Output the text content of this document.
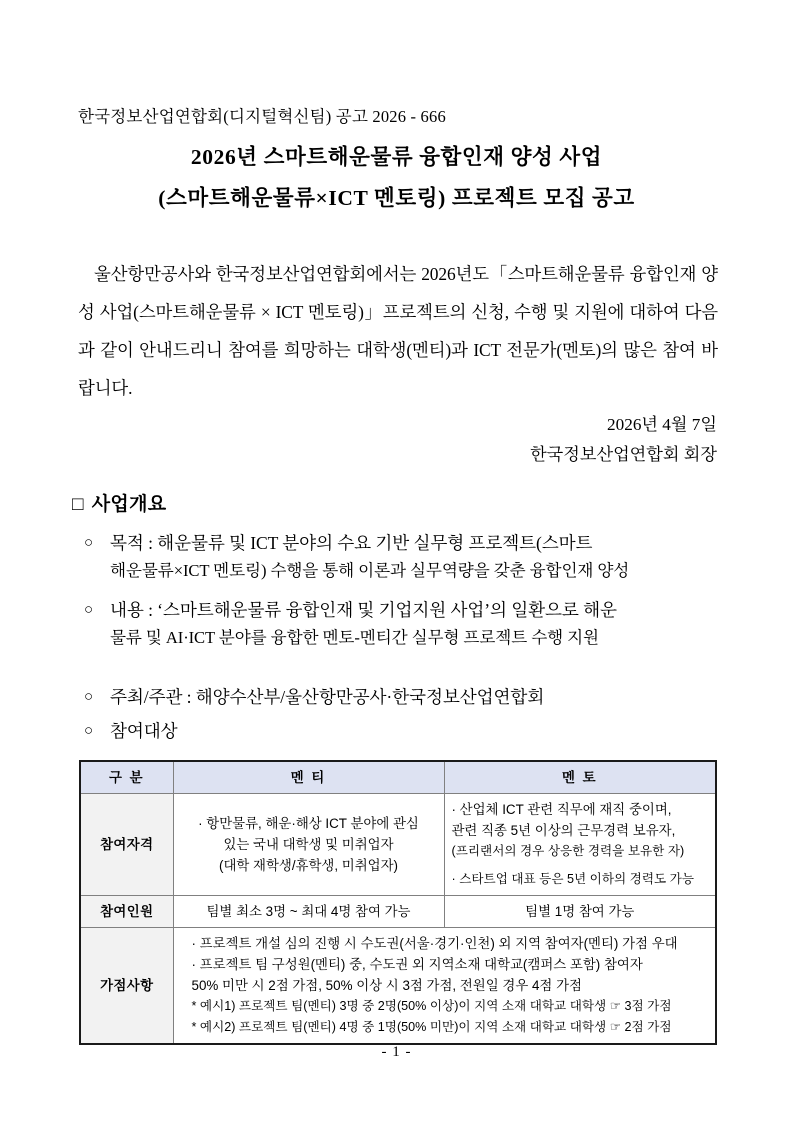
한국정보산업연합회(디지털혁신팀) 공고 2026 - 666
2026년 스마트해운물류 융합인재 양성 사업
(스마트해운물류×ICT 멘토링) 프로젝트 모집 공고
울산항만공사와 한국정보산업연합회에서는 2026년도「스마트해운물류 융합인재 양성 사업(스마트해운물류 × ICT 멘토링)」프로젝트의 신청, 수행 및 지원에 대하여 다음과 같이 안내드리니 참여를 희망하는 대학생(멘티)과 ICT 전문가(멘토)의 많은 참여 바랍니다.
2026년 4월 7일
한국정보산업연합회 회장
□ 사업개요
○ 목적 : 해운물류 및 ICT 분야의 수요 기반 실무형 프로젝트(스마트
해운물류×ICT 멘토링) 수행을 통해 이론과 실무역량을 갖춘 융합인재 양성
○ 내용 : ‘스마트해운물류 융합인재 및 기업지원 사업’의 일환으로 해운
물류 및 AI·ICT 분야를 융합한 멘토-멘티간 실무형 프로젝트 수행 지원
○ 주최/주관 : 해양수산부/울산항만공사·한국정보산업연합회
○ 참여대상
구 분	멘 티	멘 토
참여자격	· 항만물류, 해운·해상 ICT 분야에 관심
있는 국내 대학생 및 미취업자
(대학 재학생/휴학생, 미취업자)	· 산업체 ICT 관련 직무에 재직 중이며,
관련 직종 5년 이상의 근무경력 보유자,
(프리랜서의 경우 상응한 경력을 보유한 자)
· 스타트업 대표 등은 5년 이하의 경력도 가능

참여인원	팀별 최소 3명 ~ 최대 4명 참여 가능	팀별 1명 참여 가능

가점사항	· 프로젝트 개설 심의 진행 시 수도권(서울·경기·인천) 외 지역 참여자(멘티) 가점 우대
· 프로젝트 팀 구성원(멘티) 중, 수도권 외 지역소재 대학교(캠퍼스 포함) 참여자
50% 미만 시 2점 가점, 50% 이상 시 3점 가점, 전원일 경우 4점 가점
* 예시1) 프로젝트 팀(멘티) 3명 중 2명(50% 이상)이 지역 소재 대학교 대학생 ☞ 3점 가점
* 예시2) 프로젝트 팀(멘티) 4명 중 1명(50% 미만)이 지역 소재 대학교 대학생 ☞ 2점 가점	
- 1 -
